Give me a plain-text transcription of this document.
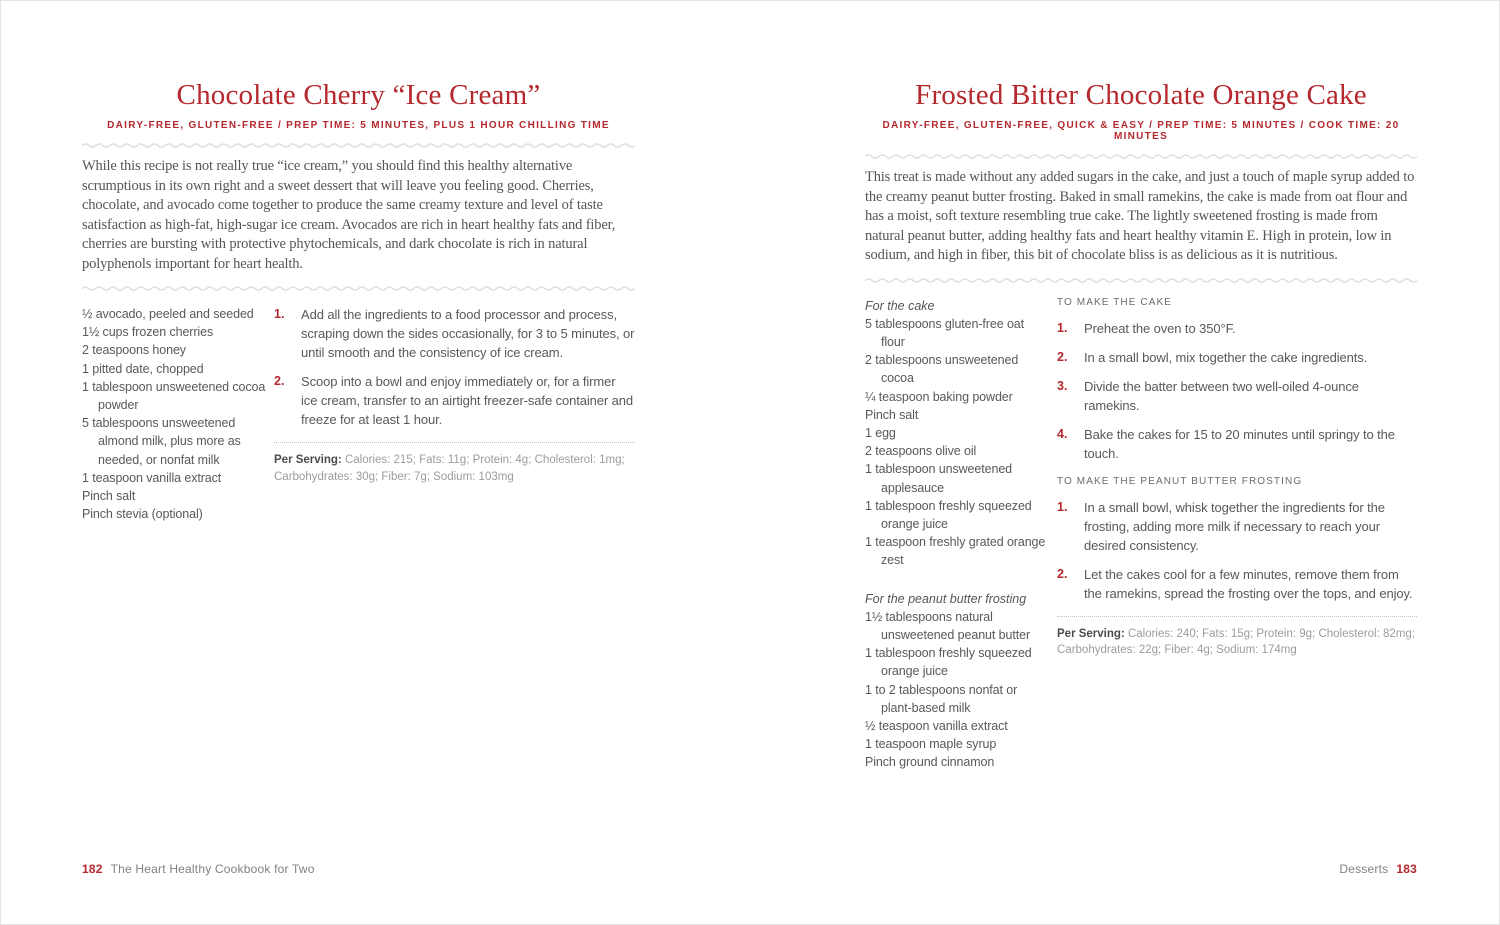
Chocolate Cherry “Ice Cream”
DAIRY-FREE, GLUTEN-FREE / PREP TIME: 5 MINUTES, PLUS 1 HOUR CHILLING TIME
While this recipe is not really true “ice cream,” you should find this healthy alternative scrumptious in its own right and a sweet dessert that will leave you feeling good. Cherries, chocolate, and avocado come together to produce the same creamy texture and level of taste satisfaction as high-fat, high-sugar ice cream. Avocados are rich in heart healthy fats and fiber, cherries are bursting with protective phytochemicals, and dark chocolate is rich in natural polyphenols important for heart health.
½ avocado, peeled and seeded
1½ cups frozen cherries
2 teaspoons honey
1 pitted date, chopped
1 tablespoon unsweetened cocoa powder
5 tablespoons unsweetened almond milk, plus more as needed, or nonfat milk
1 teaspoon vanilla extract
Pinch salt
Pinch stevia (optional)
1.	Add all the ingredients to a food processor and process, scraping down the sides occasionally, for 3 to 5 minutes, or until smooth and the consistency of ice cream.
2.	Scoop into a bowl and enjoy immediately or, for a firmer ice cream, transfer to an airtight freezer-safe container and freeze for at least 1 hour.
Per Serving: Calories: 215; Fats: 11g; Protein: 4g; Cholesterol: 1mg; Carbohydrates: 30g; Fiber: 7g; Sodium: 103mg
Frosted Bitter Chocolate Orange Cake
DAIRY-FREE, GLUTEN-FREE, QUICK & EASY / PREP TIME: 5 MINUTES / COOK TIME: 20 MINUTES
This treat is made without any added sugars in the cake, and just a touch of maple syrup added to the creamy peanut butter frosting. Baked in small ramekins, the cake is made from oat flour and has a moist, soft texture resembling true cake. The lightly sweetened frosting is made from natural peanut butter, adding healthy fats and heart healthy vitamin E. High in protein, low in sodium, and high in fiber, this bit of chocolate bliss is as delicious as it is nutritious.
For the cake
5 tablespoons gluten-free oat flour
2 tablespoons unsweetened cocoa
¼ teaspoon baking powder
Pinch salt
1 egg
2 teaspoons olive oil
1 tablespoon unsweetened applesauce
1 tablespoon freshly squeezed orange juice
1 teaspoon freshly grated orange zest
For the peanut butter frosting
1½ tablespoons natural unsweetened peanut butter
1 tablespoon freshly squeezed orange juice
1 to 2 tablespoons nonfat or plant-based milk
½ teaspoon vanilla extract
1 teaspoon maple syrup
Pinch ground cinnamon
TO MAKE THE CAKE
1.	Preheat the oven to 350°F.
2.	In a small bowl, mix together the cake ingredients.
3.	Divide the batter between two well-oiled 4-ounce ramekins.
4.	Bake the cakes for 15 to 20 minutes until springy to the touch.
TO MAKE THE PEANUT BUTTER FROSTING
1.	In a small bowl, whisk together the ingredients for the frosting, adding more milk if necessary to reach your desired consistency.
2.	Let the cakes cool for a few minutes, remove them from the ramekins, spread the frosting over the tops, and enjoy.
Per Serving: Calories: 240; Fats: 15g; Protein: 9g; Cholesterol: 82mg; Carbohydrates: 22g; Fiber: 4g; Sodium: 174mg
182 The Heart Healthy Cookbook for Two	Desserts 183
